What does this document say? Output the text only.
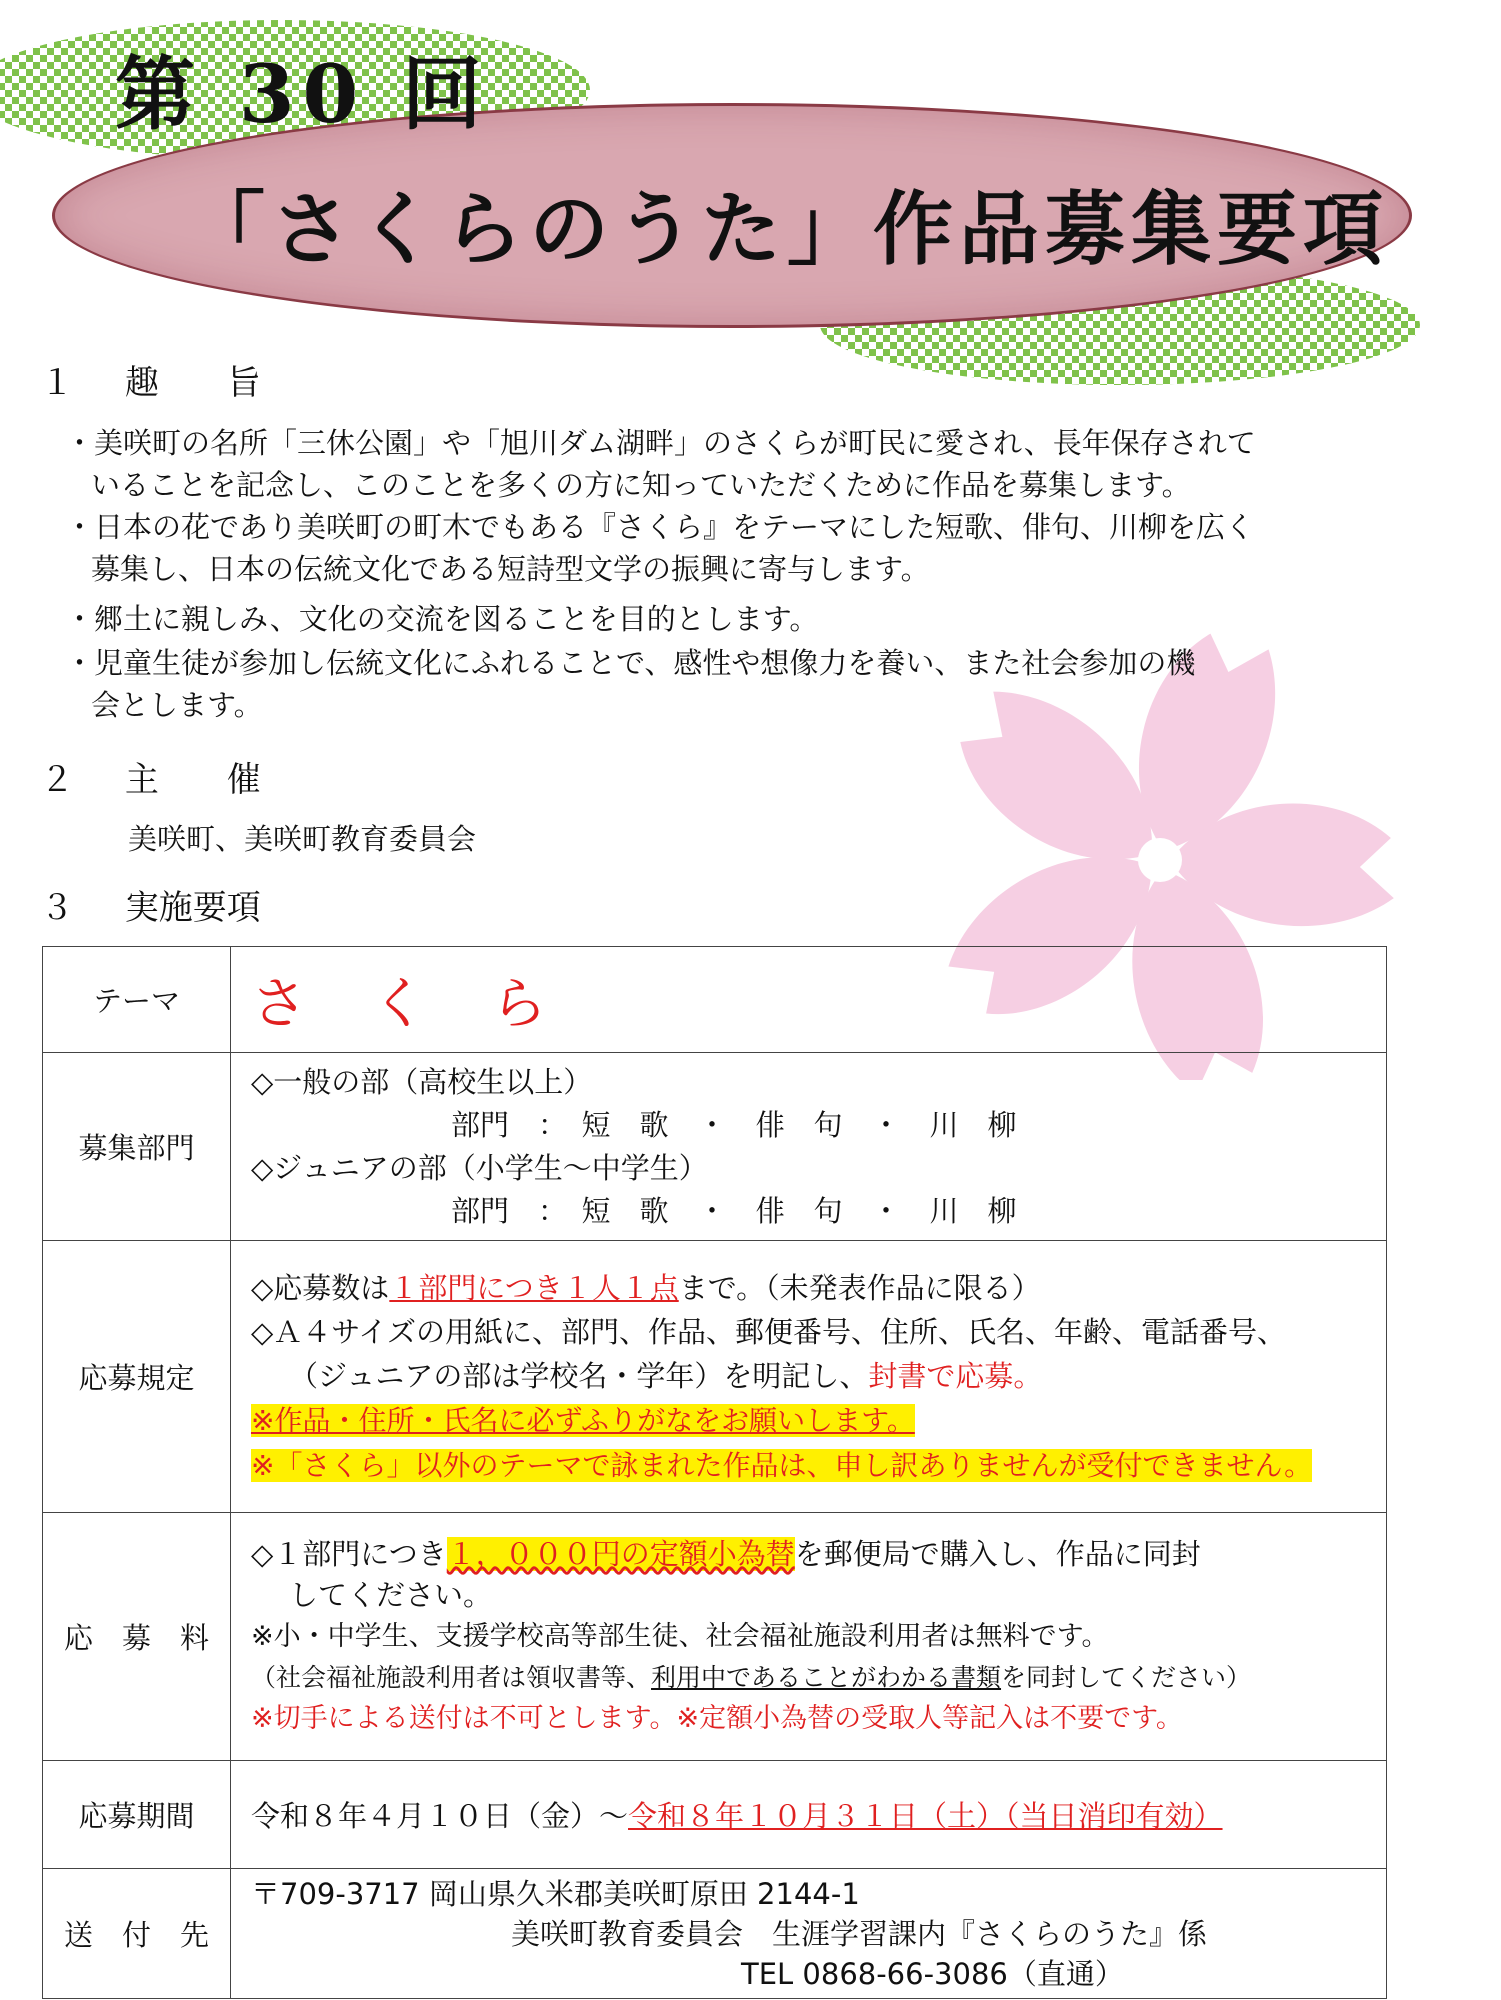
第 30 回
「さくらのうた」作品募集要項
１ 趣　　旨
・美咲町の名所「三休公園」や「旭川ダム湖畔」のさくらが町民に愛され、長年保存されて
いることを記念し、このことを多くの方に知っていただくために作品を募集します。
・日本の花であり美咲町の町木でもある『さくら』をテーマにした短歌、俳句、川柳を広く
募集し、日本の伝統文化である短詩型文学の振興に寄与します。
・郷土に親しみ、文化の交流を図ることを目的とします。
・児童生徒が参加し伝統文化にふれることで、感性や想像力を養い、また社会参加の機
会とします。
２ 主　　催
美咲町、美咲町教育委員会
３ 実施要項
テーマ	さ　く　ら
募集部門	◇一般の部（高校生以上）
部門　：　短　歌　・　俳　句　・　川　柳
◇ジュニアの部（小学生～中学生）
部門　：　短　歌　・　俳　句　・　川　柳

応募規定	◇応募数は１部門につき１人１点まで。（未発表作品に限る）
◇Ａ４サイズの用紙に、部門、作品、郵便番号、住所、氏名、年齢、電話番号、
（ジュニアの部は学校名・学年）を明記し、封書で応募。
※作品・住所・氏名に必ずふりがなをお願いします。
※「さくら」以外のテーマで詠まれた作品は、申し訳ありませんが受付できません。

応　募　料	◇１部門につき１，０００円の定額小為替を郵便局で購入し、作品に同封
してください。
※小・中学生、支援学校高等部生徒、社会福祉施設利用者は無料です。
（社会福祉施設利用者は領収書等、利用中であることがわかる書類を同封してください）
※切手による送付は不可とします。※定額小為替の受取人等記入は不要です。

応募期間	令和８年４月１０日（金）～令和８年１０月３１日（土）（当日消印有効）
送　付　先	〒709-3717 岡山県久米郡美咲町原田 2144-1
美咲町教育委員会　生涯学習課内『さくらのうた』係
TEL 0868-66-3086（直通）
